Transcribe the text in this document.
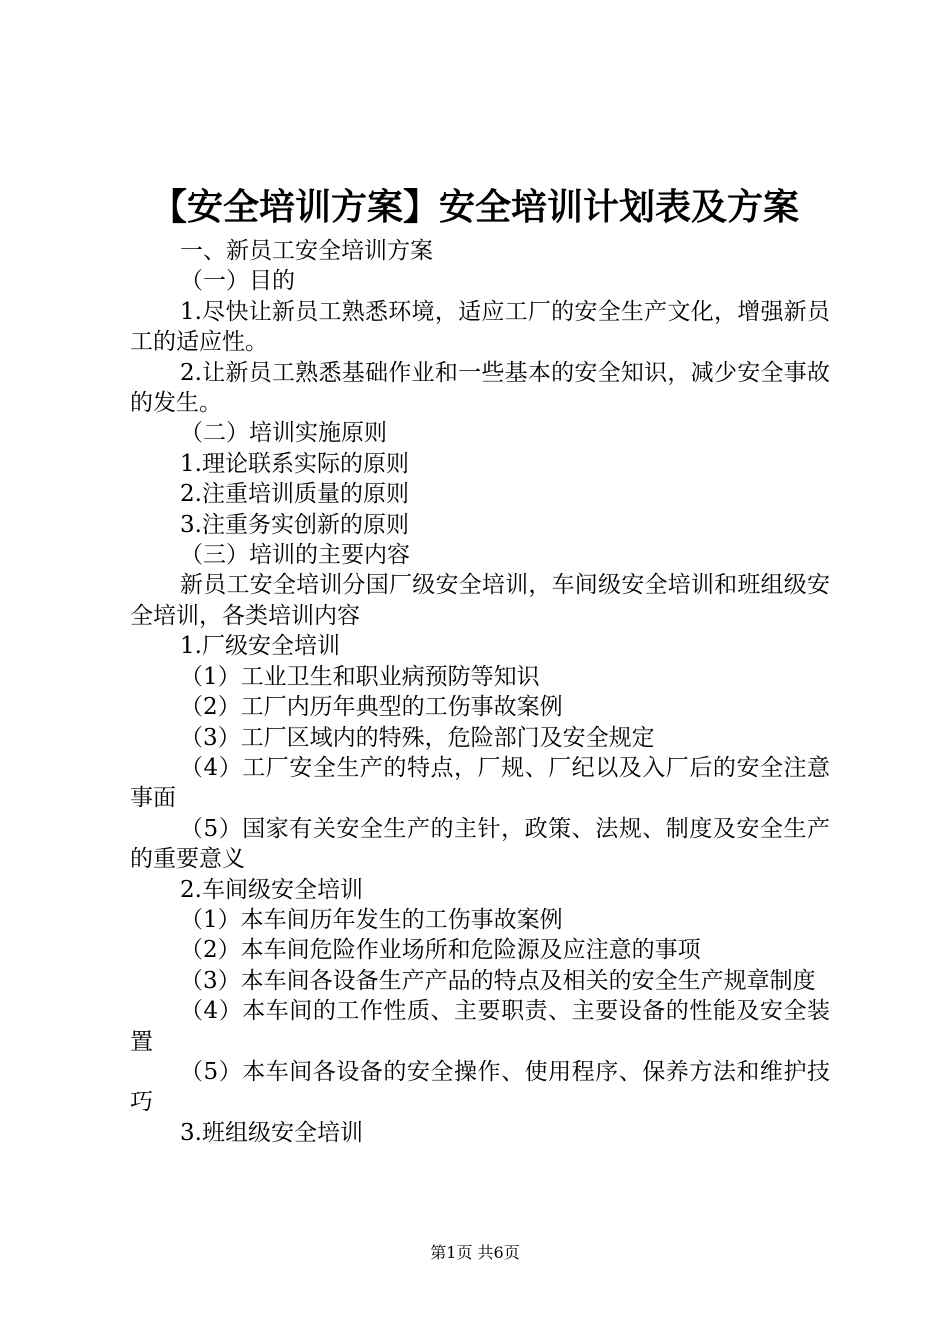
【安全培训方案】安全培训计划表及方案

一、新员工安全培训方案

（一）目的

1.尽快让新员工熟悉环境，适应工厂的安全生产文化，增强新员工的适应性。

2.让新员工熟悉基础作业和一些基本的安全知识，减少安全事故的发生。

（二）培训实施原则

1.理论联系实际的原则

2.注重培训质量的原则

3.注重务实创新的原则

（三）培训的主要内容

新员工安全培训分国厂级安全培训，车间级安全培训和班组级安全培训，各类培训内容

1.厂级安全培训

（1）工业卫生和职业病预防等知识

（2）工厂内历年典型的工伤事故案例

（3）工厂区域内的特殊，危险部门及安全规定

（4）工厂安全生产的特点，厂规、厂纪以及入厂后的安全注意事面

（5）国家有关安全生产的主针，政策、法规、制度及安全生产的重要意义

2.车间级安全培训

（1）本车间历年发生的工伤事故案例

（2）本车间危险作业场所和危险源及应注意的事项

（3）本车间各设备生产产品的特点及相关的安全生产规章制度

（4）本车间的工作性质、主要职责、主要设备的性能及安全装置

（5）本车间各设备的安全操作、使用程序、保养方法和维护技巧

3.班组级安全培训

第1页 共6页
